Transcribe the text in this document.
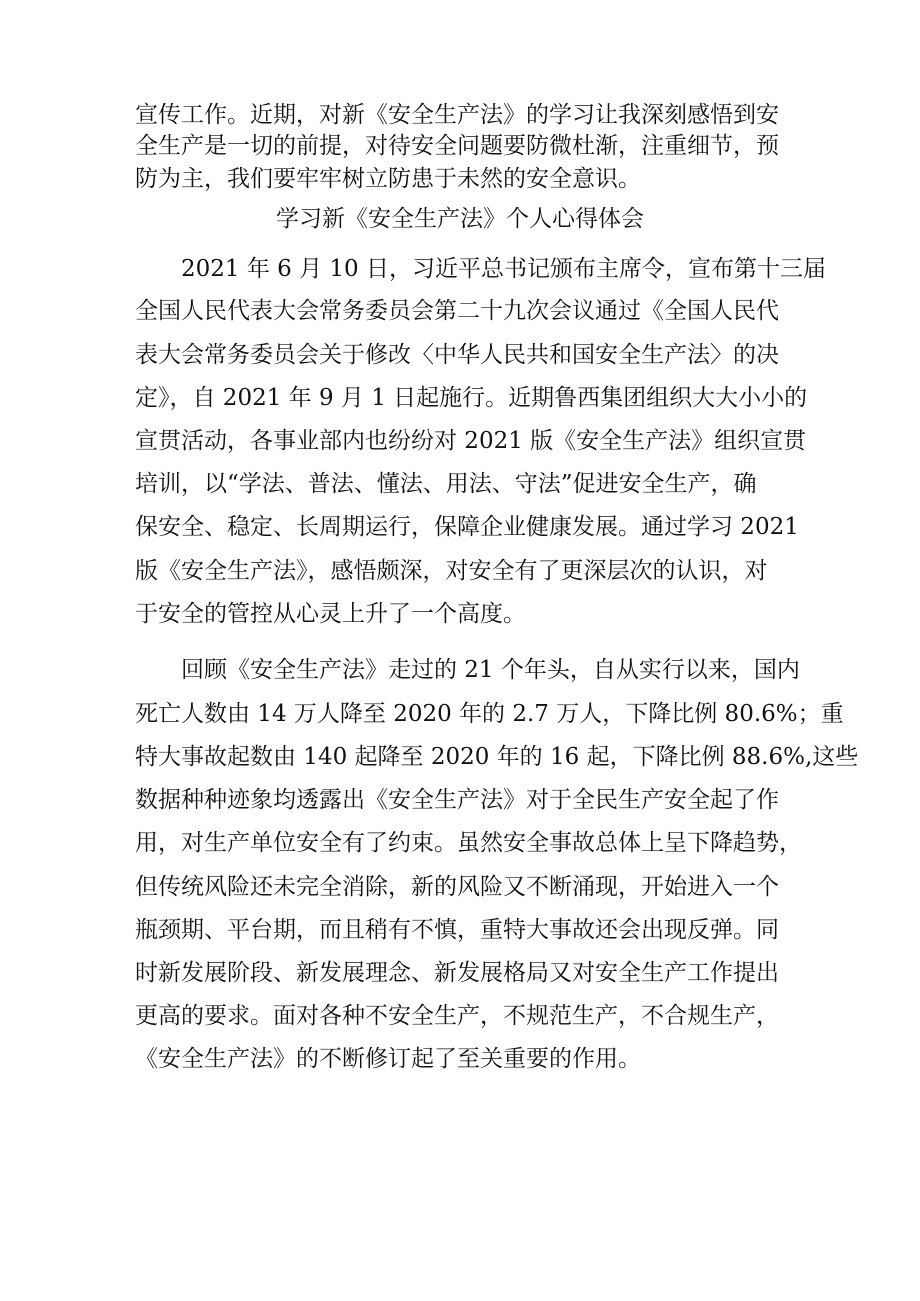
宣传工作。近期，对新《安全生产法》的学习让我深刻感悟到安

全生产是一切的前提，对待安全问题要防微杜渐，注重细节，预

防为主，我们要牢牢树立防患于未然的安全意识。

学习新《安全生产法》个人心得体会

2021 年 6 月 10 日，习近平总书记颁布主席令，宣布第十三届

全国人民代表大会常务委员会第二十九次会议通过《全国人民代

表大会常务委员会关于修改〈中华人民共和国安全生产法〉的决

定》，自 2021 年 9 月 1 日起施行。近期鲁西集团组织大大小小的

宣贯活动，各事业部内也纷纷对 2021 版《安全生产法》组织宣贯

培训，以“学法、普法、懂法、用法、守法”促进安全生产，确

保安全、稳定、长周期运行，保障企业健康发展。通过学习 2021

版《安全生产法》，感悟颇深，对安全有了更深层次的认识，对

于安全的管控从心灵上升了一个高度。

回顾《安全生产法》走过的 21 个年头，自从实行以来，国内

死亡人数由 14 万人降至 2020 年的 2.7 万人，下降比例 80.6%；重

特大事故起数由 140 起降至 2020 年的 16 起，下降比例 88.6%,这些

数据种种迹象均透露出《安全生产法》对于全民生产安全起了作

用，对生产单位安全有了约束。虽然安全事故总体上呈下降趋势，

但传统风险还未完全消除，新的风险又不断涌现，开始进入一个

瓶颈期、平台期，而且稍有不慎，重特大事故还会出现反弹。同

时新发展阶段、新发展理念、新发展格局又对安全生产工作提出

更高的要求。面对各种不安全生产，不规范生产，不合规生产，

《安全生产法》的不断修订起了至关重要的作用。
